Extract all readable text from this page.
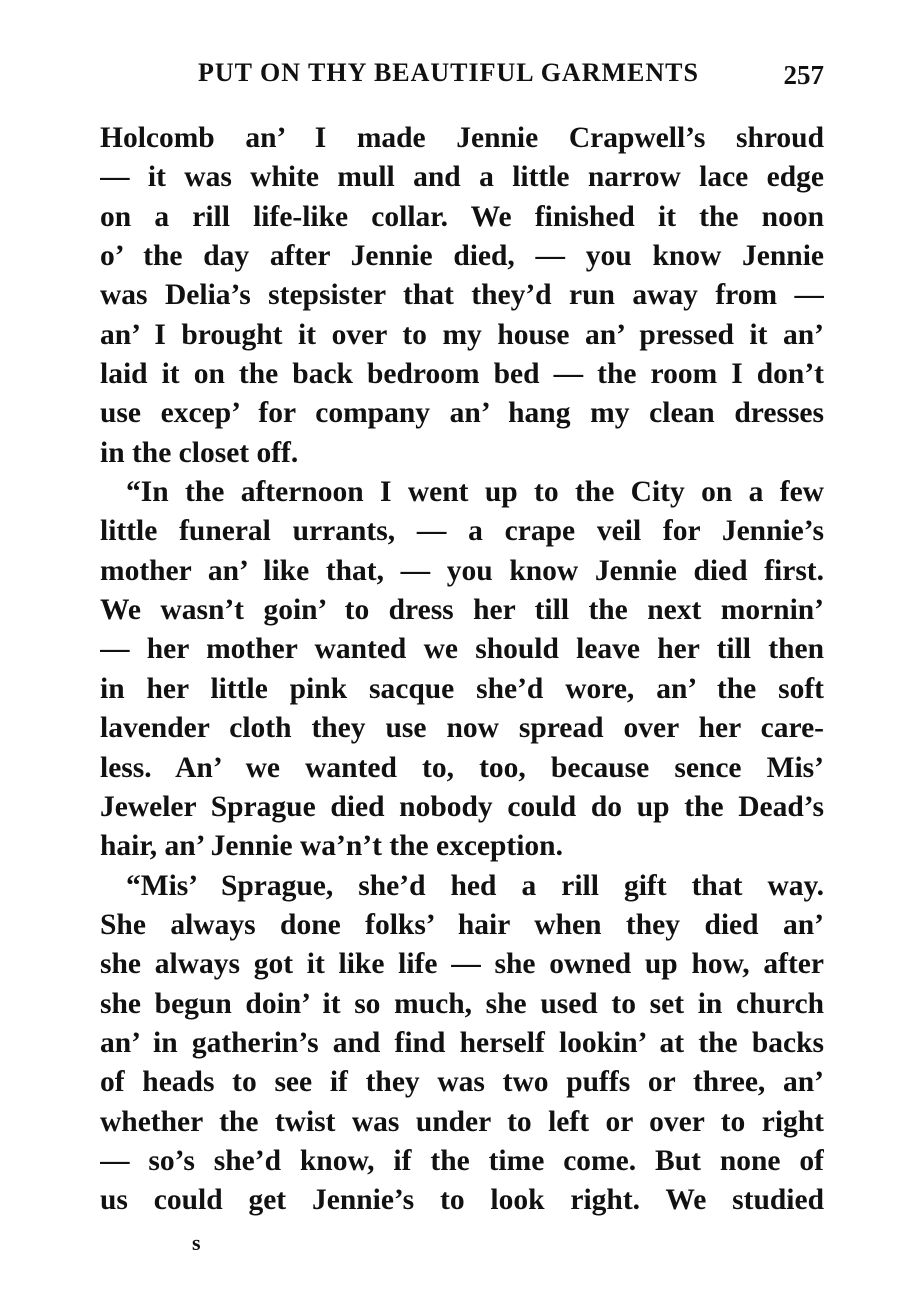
PUT ON THY BEAUTIFUL GARMENTS	257
Holcomb an’ I made Jennie Crapwell’s shroud
— it was white mull and a little narrow lace edge
on a rill life-like collar. We finished it the noon
o’ the day after Jennie died, — you know Jennie
was Delia’s stepsister that they’d run away from —
an’ I brought it over to my house an’ pressed it an’
laid it on the back bedroom bed — the room I don’t
use excep’ for company an’ hang my clean dresses
in the closet off.
“In the afternoon I went up to the City on a few
little funeral urrants, — a crape veil for Jennie’s
mother an’ like that, — you know Jennie died first.
We wasn’t goin’ to dress her till the next mornin’
— her mother wanted we should leave her till then
in her little pink sacque she’d wore, an’ the soft
lavender cloth they use now spread over her care-
less. An’ we wanted to, too, because sence Mis’
Jeweler Sprague died nobody could do up the Dead’s
hair, an’ Jennie wa’n’t the exception.
“Mis’ Sprague, she’d hed a rill gift that way.
She always done folks’ hair when they died an’
she always got it like life — she owned up how, after
she begun doin’ it so much, she used to set in church
an’ in gatherin’s and find herself lookin’ at the backs
of heads to see if they was two puffs or three, an’
whether the twist was under to left or over to right
— so’s she’d know, if the time come. But none of
us could get Jennie’s to look right. We studied
s
